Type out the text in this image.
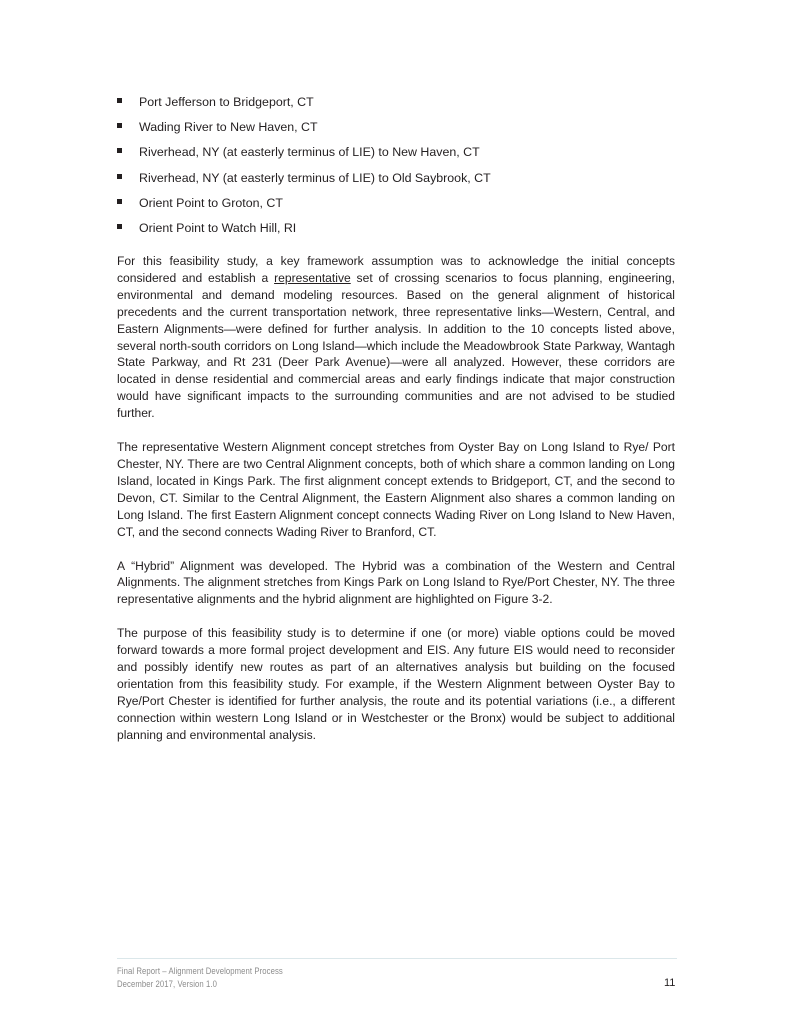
Port Jefferson to Bridgeport, CT
Wading River to New Haven, CT
Riverhead, NY (at easterly terminus of LIE) to New Haven, CT
Riverhead, NY (at easterly terminus of LIE) to Old Saybrook, CT
Orient Point to Groton, CT
Orient Point to Watch Hill, RI

For this feasibility study, a key framework assumption was to acknowledge the initial concepts considered and establish a representative set of crossing scenarios to focus planning, engineering, environmental and demand modeling resources. Based on the general alignment of historical precedents and the current transportation network, three representative links—Western, Central, and Eastern Alignments—were defined for further analysis. In addition to the 10 concepts listed above, several north-south corridors on Long Island—which include the Meadowbrook State Parkway, Wantagh State Parkway, and Rt 231 (Deer Park Avenue)—were all analyzed. However, these corridors are located in dense residential and commercial areas and early findings indicate that major construction would have significant impacts to the surrounding communities and are not advised to be studied further.

The representative Western Alignment concept stretches from Oyster Bay on Long Island to Rye/ Port Chester, NY. There are two Central Alignment concepts, both of which share a common landing on Long Island, located in Kings Park. The first alignment concept extends to Bridgeport, CT, and the second to Devon, CT. Similar to the Central Alignment, the Eastern Alignment also shares a common landing on Long Island. The first Eastern Alignment concept connects Wading River on Long Island to New Haven, CT, and the second connects Wading River to Branford, CT.

A “Hybrid” Alignment was developed. The Hybrid was a combination of the Western and Central Alignments. The alignment stretches from Kings Park on Long Island to Rye/Port Chester, NY. The three representative alignments and the hybrid alignment are highlighted on Figure 3-2.

The purpose of this feasibility study is to determine if one (or more) viable options could be moved forward towards a more formal project development and EIS. Any future EIS would need to reconsider and possibly identify new routes as part of an alternatives analysis but building on the focused orientation from this feasibility study. For example, if the Western Alignment between Oyster Bay to Rye/Port Chester is identified for further analysis, the route and its potential variations (i.e., a different connection within western Long Island or in Westchester or the Bronx) would be subject to additional planning and environmental analysis.

Final Report – Alignment Development Process
December 2017, Version 1.0	11
